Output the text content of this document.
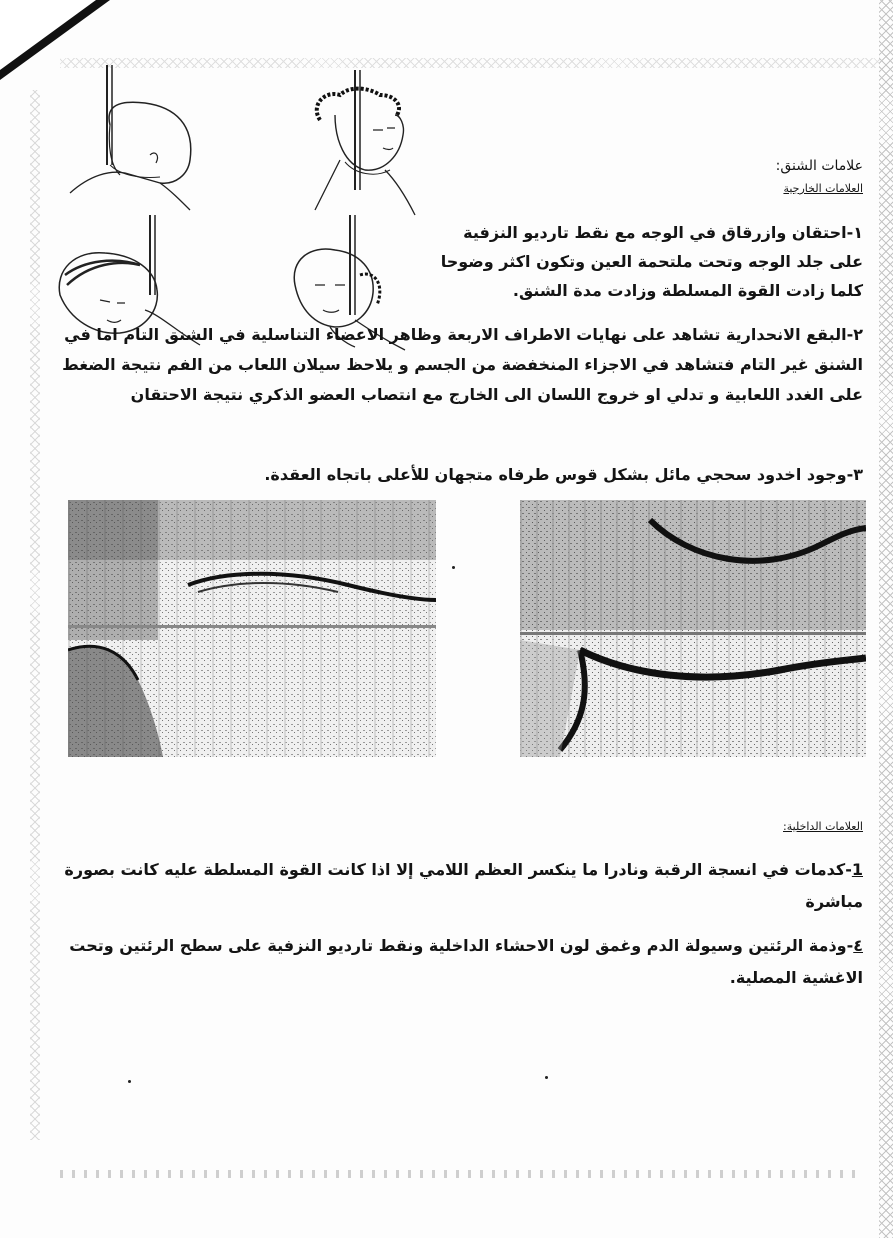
علامات الشنق:
العلامات الخارجية

١-احتقان وازرقاق في الوجه مع نقط تارديو النزفية على جلد الوجه وتحت ملتحمة العين وتكون اكثر وضوحا كلما زادت القوة المسلطة وزادت مدة الشنق.

٢-البقع الانحدارية تشاهد على نهايات الاطراف الاربعة وظاهر الاعضاء التناسلية في الشنق التام اما في الشنق غير التام فتشاهد في الاجزاء المنخفضة من الجسم و يلاحظ سيلان اللعاب من الفم نتيجة الضغط على الغدد اللعابية و تدلي او خروج اللسان الى الخارج مع انتصاب العضو الذكري نتيجة الاحتقان

٣-وجود اخدود سحجي مائل بشكل قوس طرفاه متجهان للأعلى باتجاه العقدة.

العلامات الداخلية:

1-كدمات في انسجة الرقبة ونادرا ما ينكسر العظم اللامي إلا اذا كانت القوة المسلطة عليه كانت بصورة مباشرة

٤-وذمة الرئتين وسيولة الدم وغمق لون الاحشاء الداخلية ونقط تارديو النزفية على سطح الرئتين وتحت الاغشية المصلية.
